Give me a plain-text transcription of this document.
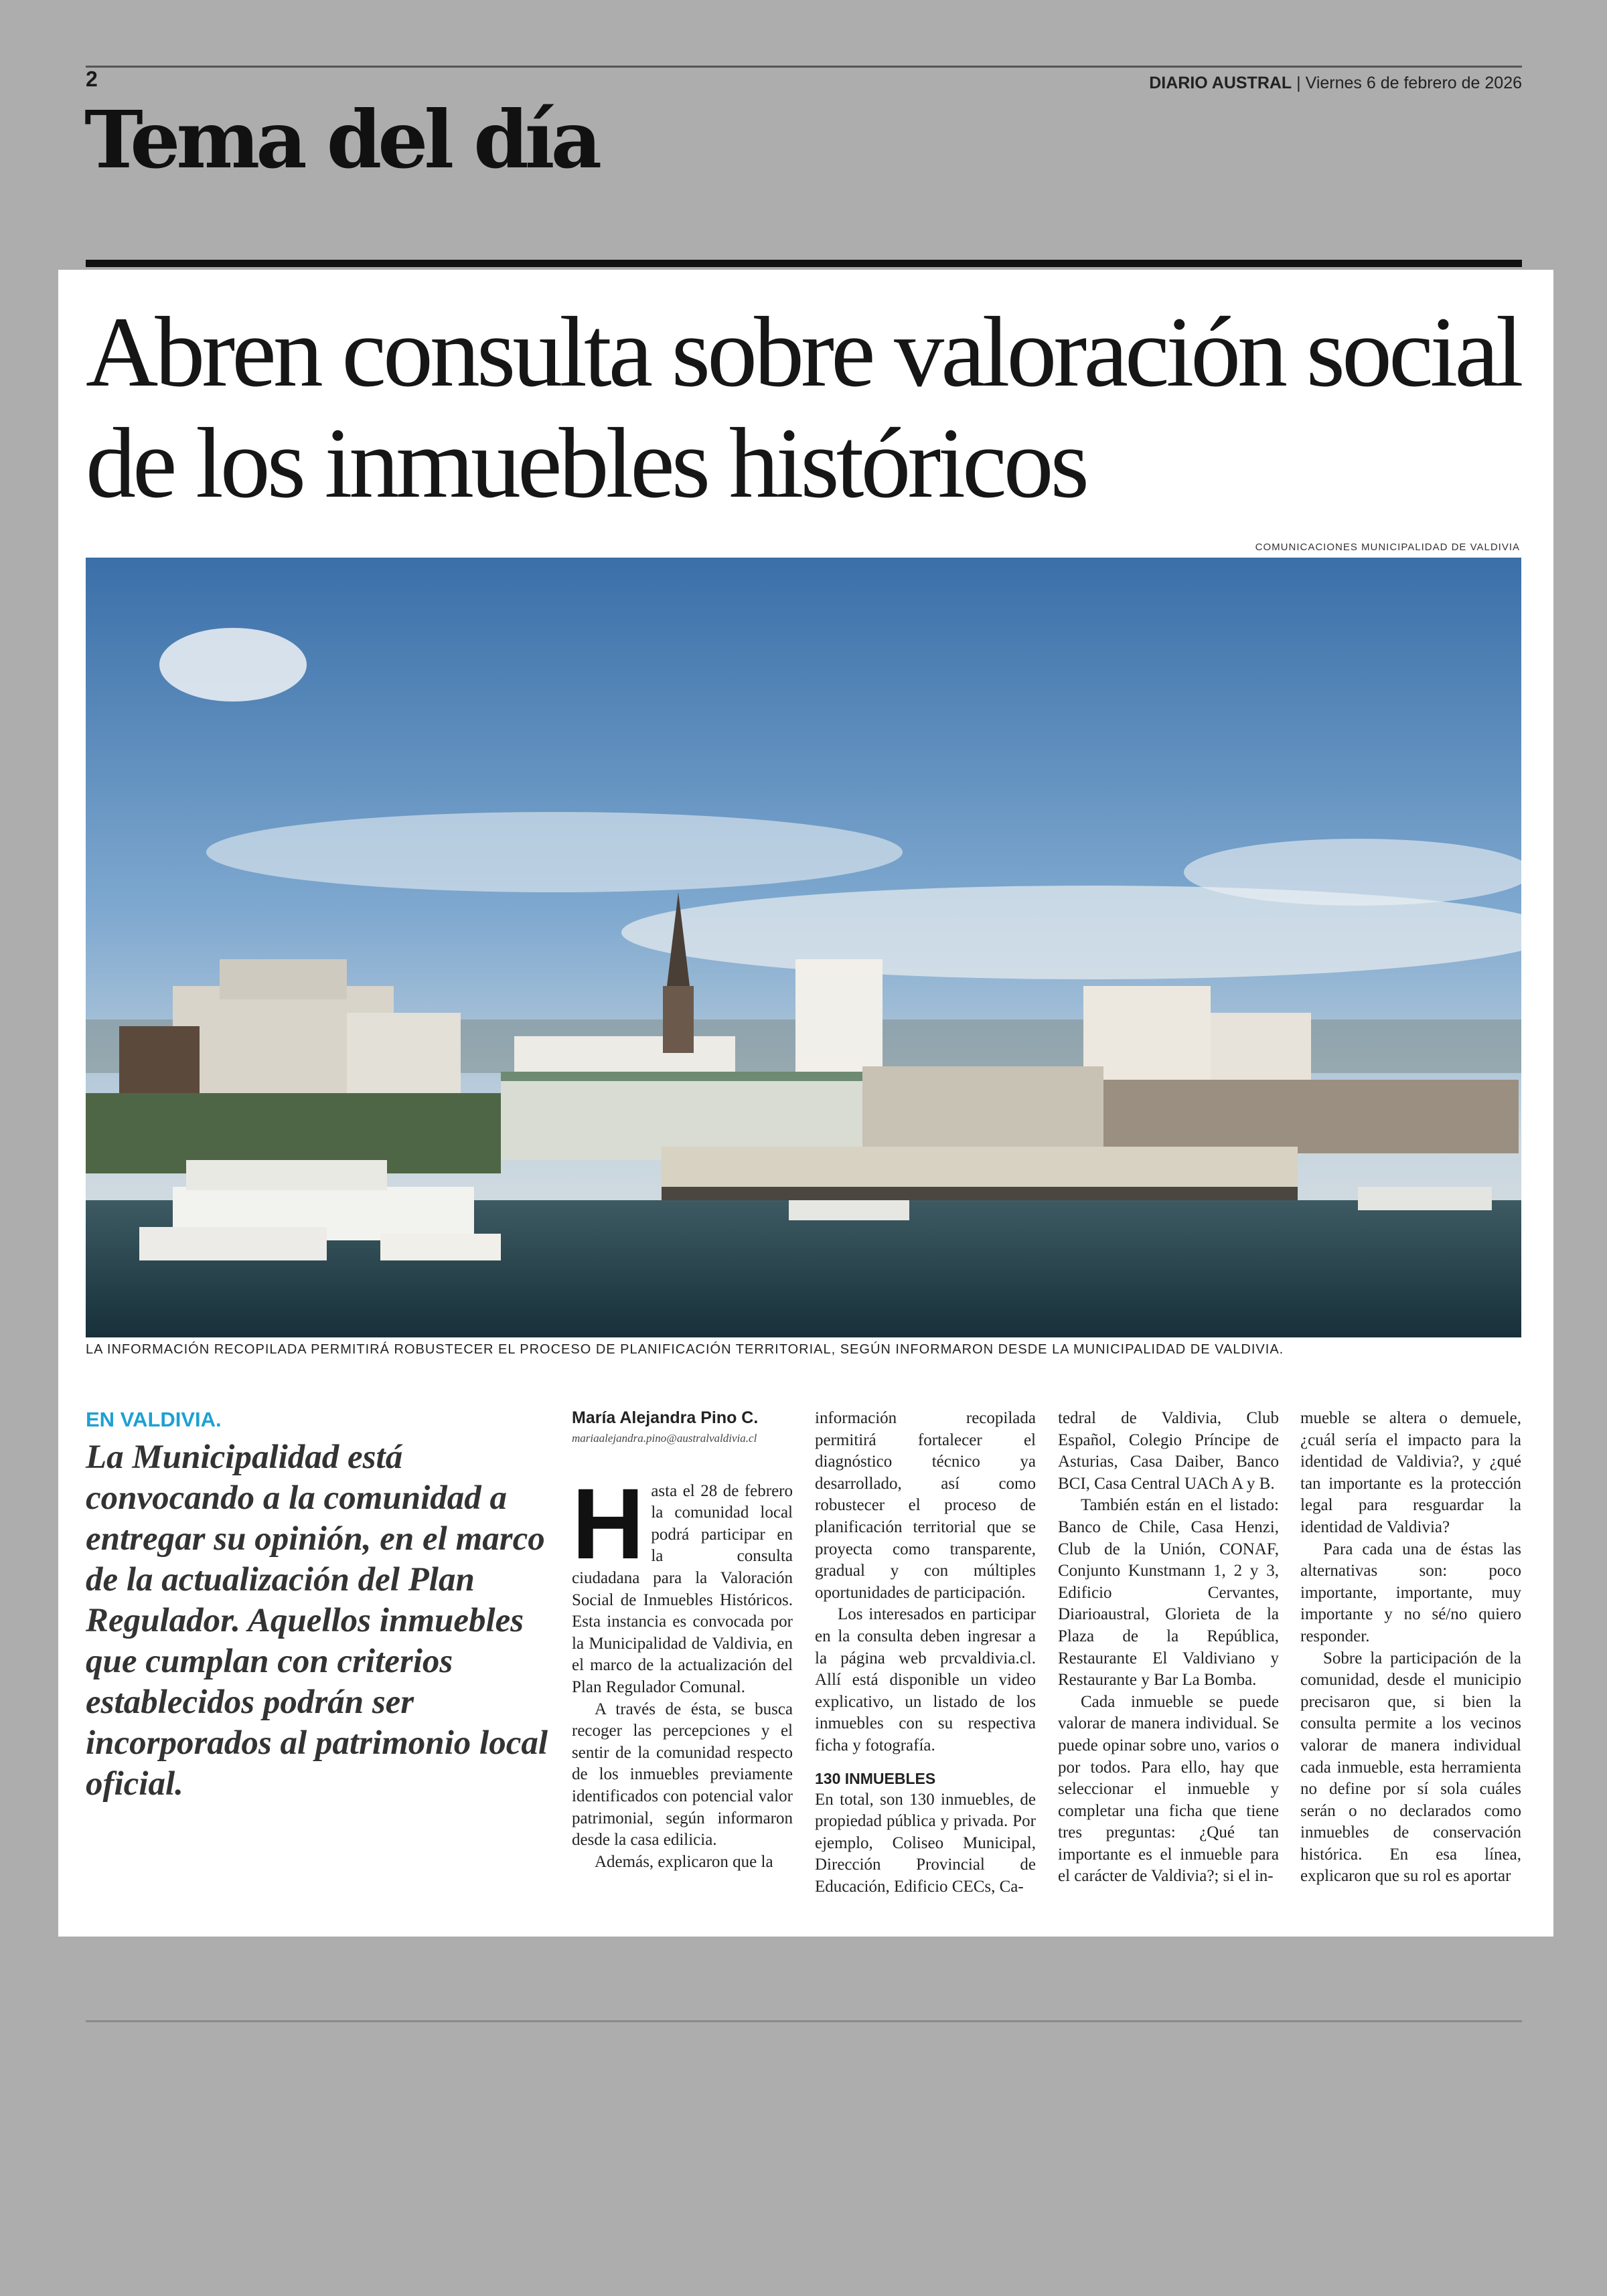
2	DIARIO AUSTRAL | Viernes 6 de febrero de 2026
Tema del día
Abren consulta sobre valoración social de los inmuebles históricos
COMUNICACIONES MUNICIPALIDAD DE VALDIVIA
LA INFORMACIÓN RECOPILADA PERMITIRÁ ROBUSTECER EL PROCESO DE PLANIFICACIÓN TERRITORIAL, SEGÚN INFORMARON DESDE LA MUNICIPALIDAD DE VALDIVIA.
EN VALDIVIA.
La Municipalidad está convocando a la comunidad a entregar su opinión, en el marco de la actualización del Plan Regulador. Aquellos inmuebles que cumplan con criterios establecidos podrán ser incorporados al patrimonio local oficial.
María Alejandra Pino C.
mariaalejandra.pino@australvaldivia.cl
H asta el 28 de febrero la comunidad local podrá participar en la consulta ciudadana para la Valoración Social de Inmuebles Históricos. Esta instancia es convocada por la Municipalidad de Valdivia, en el marco de la actualización del Plan Regulador Comunal.

A través de ésta, se busca recoger las percepciones y el sentir de la comunidad respecto de los inmuebles previamente identificados con potencial valor patrimonial, según informaron desde la casa edilicia.

Además, explicaron que la

información recopilada permitirá fortalecer el diagnóstico técnico ya desarrollado, así como robustecer el proceso de planificación territorial que se proyecta como transparente, gradual y con múltiples oportunidades de participación.

Los interesados en participar en la consulta deben ingresar a la página web prcvaldivia.cl. Allí está disponible un video explicativo, un listado de los inmuebles con su respectiva ficha y fotografía.

130 INMUEBLES

En total, son 130 inmuebles, de propiedad pública y privada. Por ejemplo, Coliseo Municipal, Dirección Provincial de Educación, Edificio CECs, Ca-

tedral de Valdivia, Club Español, Colegio Príncipe de Asturias, Casa Daiber, Banco BCI, Casa Central UACh A y B.

También están en el listado: Banco de Chile, Casa Henzi, Club de la Unión, CONAF, Conjunto Kunstmann 1, 2 y 3, Edificio Cervantes, Diarioaustral, Glorieta de la Plaza de la República, Restaurante El Valdiviano y Restaurante y Bar La Bomba.

Cada inmueble se puede valorar de manera individual. Se puede opinar sobre uno, varios o por todos. Para ello, hay que seleccionar el inmueble y completar una ficha que tiene tres preguntas: ¿Qué tan importante es el inmueble para el carácter de Valdivia?; si el in-

mueble se altera o demuele, ¿cuál sería el impacto para la identidad de Valdivia?, y ¿qué tan importante es la protección legal para resguardar la identidad de Valdivia?

Para cada una de éstas las alternativas son: poco importante, importante, muy importante y no sé/no quiero responder.

Sobre la participación de la comunidad, desde el municipio precisaron que, si bien la consulta permite a los vecinos valorar de manera individual cada inmueble, esta herramienta no define por sí sola cuáles serán o no declarados como inmuebles de conservación histórica. En esa línea, explicaron que su rol es aportar
